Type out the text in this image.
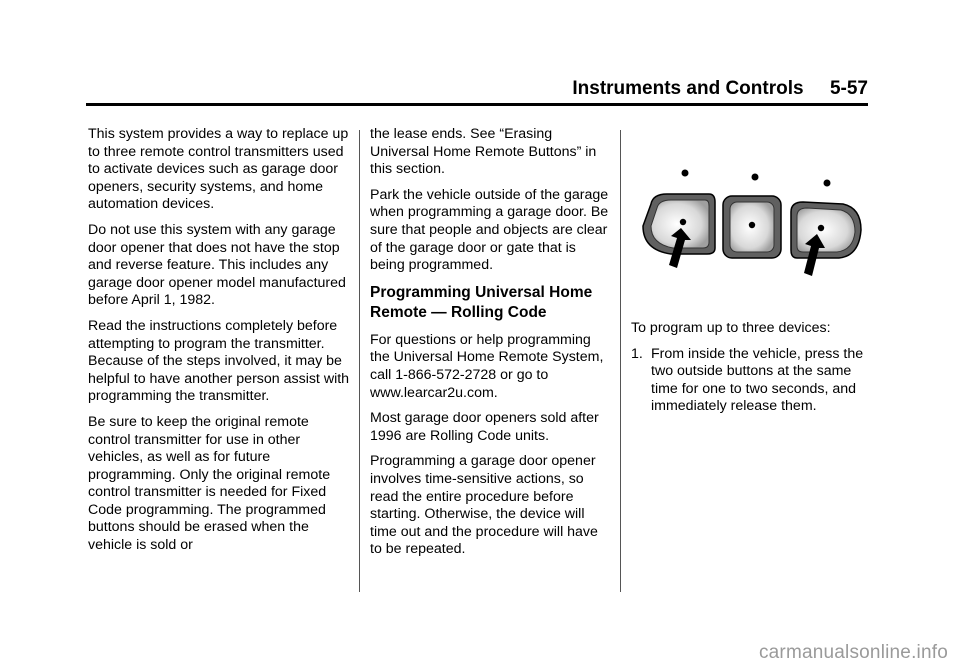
Instruments and Controls 5-57

This system provides a way to replace up to three remote control transmitters used to activate devices such as garage door openers, security systems, and home automation devices.

Do not use this system with any garage door opener that does not have the stop and reverse feature. This includes any garage door opener model manufactured before April 1, 1982.

Read the instructions completely before attempting to program the transmitter. Because of the steps involved, it may be helpful to have another person assist with programming the transmitter.

Be sure to keep the original remote control transmitter for use in other vehicles, as well as for future programming. Only the original remote control transmitter is needed for Fixed Code programming. The programmed buttons should be erased when the vehicle is sold or

the lease ends. See “Erasing Universal Home Remote Buttons” in this section.

Park the vehicle outside of the garage when programming a garage door. Be sure that people and objects are clear of the garage door or gate that is being programmed.

Programming Universal Home Remote — Rolling Code

For questions or help programming the Universal Home Remote System, call 1-866-572-2728 or go to www.learcar2u.com.

Most garage door openers sold after 1996 are Rolling Code units.

Programming a garage door opener involves time-sensitive actions, so read the entire procedure before starting. Otherwise, the device will time out and the procedure will have to be repeated.

To program up to three devices:

1. From inside the vehicle, press the two outside buttons at the same time for one to two seconds, and immediately release them.
carmanualsonline.info
